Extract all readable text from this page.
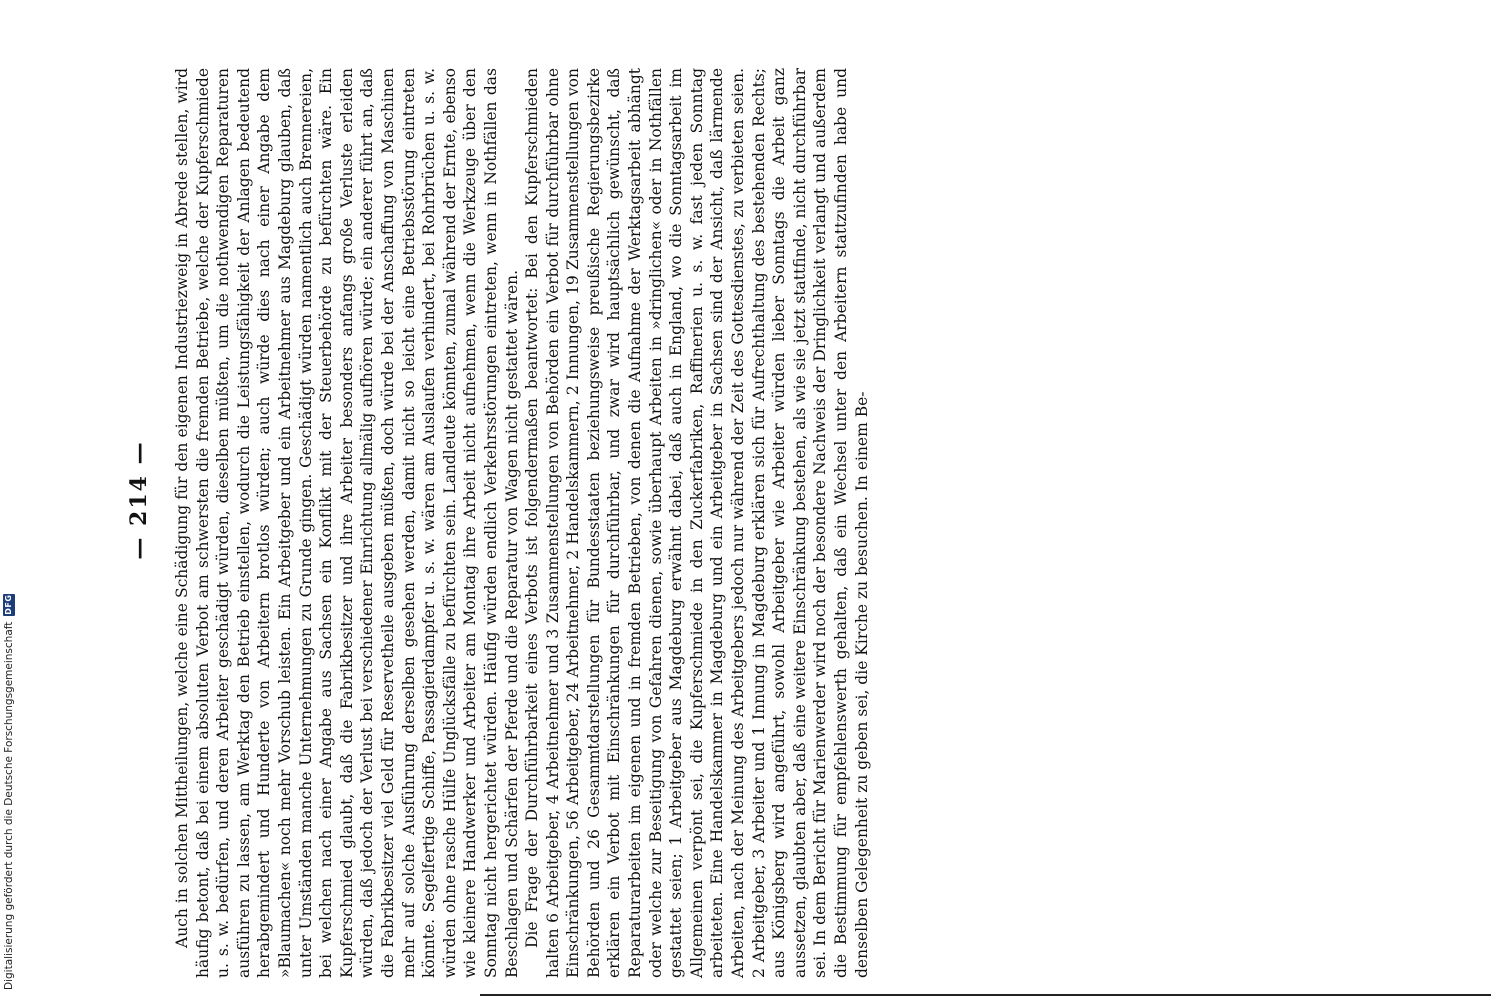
— 214 — Auch in solchen Mittheilungen, welche eine Schädigung für den eigenen Industriezweig in Abrede stellen, wird häufig betont, daß bei einem absoluten Verbot am schwersten die fremden Betriebe, welche der Kupferschmiede u. s. w. bedürfen, und deren Arbeiter geschädigt würden, dieselben müßten, um die nothwendigen Reparaturen ausführen zu lassen, am Werktag den Betrieb einstellen, wodurch die Leistungsfähigkeit der Anlagen bedeutend herabgemindert und Hunderte von Arbeitern brotlos würden; auch würde dies nach einer Angabe dem »Blaumachen« noch mehr Vorschub leisten. Ein Arbeitgeber und ein Arbeitnehmer aus Magdeburg glauben, daß unter Umständen manche Unternehmungen zu Grunde gingen. Geschädigt würden namentlich auch Brennereien, bei welchen nach einer Angabe aus Sachsen ein Konflikt mit der Steuerbehörde zu befürchten wäre. Ein Kupferschmied glaubt, daß die Fabrikbesitzer und ihre Arbeiter besonders anfangs große Verluste erleiden würden, daß jedoch der Verlust bei verschiedener Einrichtung allmälig aufhören würde; ein anderer führt an, daß die Fabrikbesitzer viel Geld für Reservetheile ausgeben müßten, doch würde bei der Anschaffung von Maschinen mehr auf solche Ausführung derselben gesehen werden, damit nicht so leicht eine Betriebsstörung eintreten könnte. Segelfertige Schiffe, Passagierdampfer u. s. w. wären am Auslaufen verhindert, bei Rohrbrüchen u. s. w. würden ohne rasche Hülfe Unglücksfälle zu befürchten sein. Landleute könnten, zumal während der Ernte, ebenso wie kleinere Handwerker und Arbeiter am Montag ihre Arbeit nicht aufnehmen, wenn die Werkzeuge über den Sonntag nicht hergerichtet würden. Häufig würden endlich Verkehrsstörungen eintreten, wenn in Nothfällen das Beschlagen und Schärfen der Pferde und die Reparatur von Wagen nicht gestattet wären. Die Frage der Durchführbarkeit eines Verbots ist folgendermaßen beantwortet: Bei den Kupferschmieden halten 6 Arbeitgeber, 4 Arbeitnehmer und 3 Zusammenstellungen von Behörden ein Verbot für durchführbar ohne Einschränkungen, 56 Arbeitgeber, 24 Arbeitnehmer, 2 Handelskammern, 2 Innungen, 19 Zusammenstellungen von Behörden und 26 Gesammtdarstellungen für Bundesstaaten beziehungsweise preußische Regierungsbezirke erklären ein Verbot mit Einschränkungen für durchführbar, und zwar wird hauptsächlich gewünscht, daß Reparaturarbeiten im eigenen und in fremden Betrieben, von denen die Aufnahme der Werktagsarbeit abhängt oder welche zur Beseitigung von Gefahren dienen, sowie überhaupt Arbeiten in »dringlichen« oder in Nothfällen gestattet seien; 1 Arbeitgeber aus Magdeburg erwähnt dabei, daß auch in England, wo die Sonntagsarbeit im Allgemeinen verpönt sei, die Kupferschmiede in den Zuckerfabriken, Raffinerien u. s. w. fast jeden Sonntag arbeiteten. Eine Handelskammer in Magdeburg und ein Arbeitgeber in Sachsen sind der Ansicht, daß lärmende Arbeiten, nach der Meinung des Arbeitgebers jedoch nur während der Zeit des Gottesdienstes, zu verbieten seien. 2 Arbeitgeber, 3 Arbeiter und 1 Innung in Magdeburg erklären sich für Aufrechthaltung des bestehenden Rechts; aus Königsberg wird angeführt, sowohl Arbeitgeber wie Arbeiter würden lieber Sonntags die Arbeit ganz aussetzen, glaubten aber, daß eine weitere Einschränkung bestehen, als wie sie jetzt stattfinde, nicht durchführbar sei. In dem Bericht für Marienwerder wird noch der besondere Nachweis der Dringlichkeit verlangt und außerdem die Bestimmung für empfehlenswerth gehalten, daß ein Wechsel unter den Arbeitern stattzufinden habe und denselben Gelegenheit zu geben sei, die Kirche zu besuchen. In einem Be-

Digitalisierung gefördert durch die Deutsche Forschungsgemeinschaft
DFG
